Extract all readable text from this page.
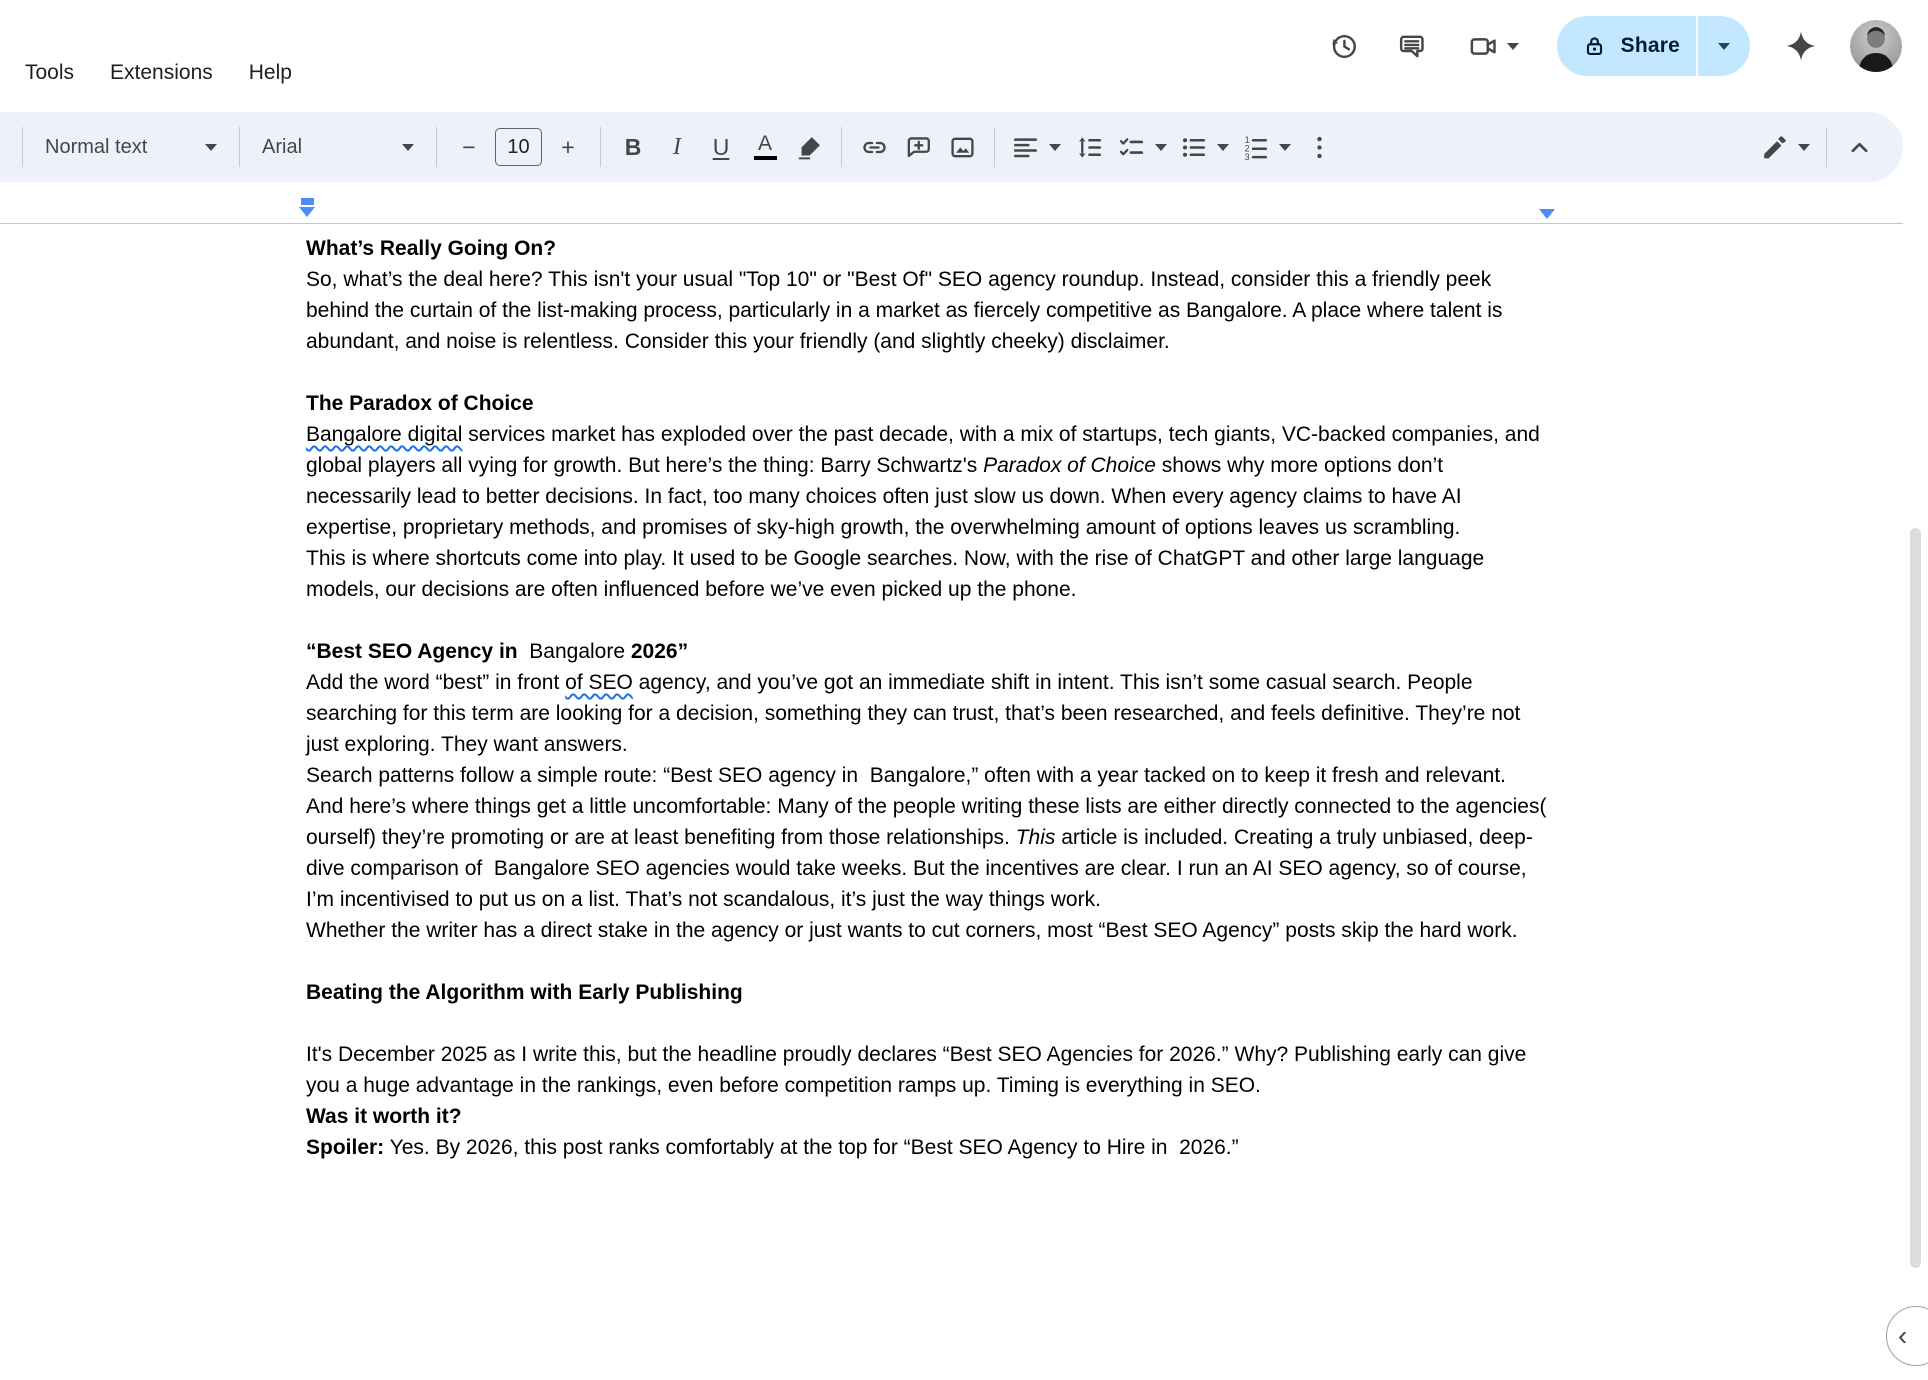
Tools Extensions Help
Share
Normal text	Arial	−
10	+ B I U A	1
2
3
What’s Really Going On?
So, what’s the deal here? This isn't your usual "Top 10" or "Best Of" SEO agency roundup. Instead, consider this a friendly peek behind the curtain of the list-making process, particularly in a market as fiercely competitive as Bangalore. A place where talent is abundant, and noise is relentless. Consider this your friendly (and slightly cheeky) disclaimer.
The Paradox of Choice
Bangalore digital services market has exploded over the past decade, with a mix of startups, tech giants, VC-backed companies, and global players all vying for growth. But here’s the thing: Barry Schwartz's Paradox of Choice shows why more options don’t necessarily lead to better decisions. In fact, too many choices often just slow us down. When every agency claims to have AI expertise, proprietary methods, and promises of sky-high growth, the overwhelming amount of options leaves us scrambling.
This is where shortcuts come into play. It used to be Google searches. Now, with the rise of ChatGPT and other large language models, our decisions are often influenced before we’ve even picked up the phone.
“Best SEO Agency in  Bangalore 2026”
Add the word “best” in front of SEO agency, and you’ve got an immediate shift in intent. This isn’t some casual search. People searching for this term are looking for a decision, something they can trust, that’s been researched, and feels definitive. They’re not just exploring. They want answers.
Search patterns follow a simple route: “Best SEO agency in  Bangalore,” often with a year tacked on to keep it fresh and relevant.
And here’s where things get a little uncomfortable: Many of the people writing these lists are either directly connected to the agencies( ourself) they’re promoting or are at least benefiting from those relationships. This article is included. Creating a truly unbiased, deep-dive comparison of  Bangalore SEO agencies would take weeks. But the incentives are clear. I run an AI SEO agency, so of course, I’m incentivised to put us on a list. That’s not scandalous, it’s just the way things work.
Whether the writer has a direct stake in the agency or just wants to cut corners, most “Best SEO Agency” posts skip the hard work.
Beating the Algorithm with Early Publishing
It's December 2025 as I write this, but the headline proudly declares “Best SEO Agencies for 2026.” Why? Publishing early can give you a huge advantage in the rankings, even before competition ramps up. Timing is everything in SEO.
Was it worth it?
Spoiler: Yes. By 2026, this post ranks comfortably at the top for “Best SEO Agency to Hire in  2026.”
‹
